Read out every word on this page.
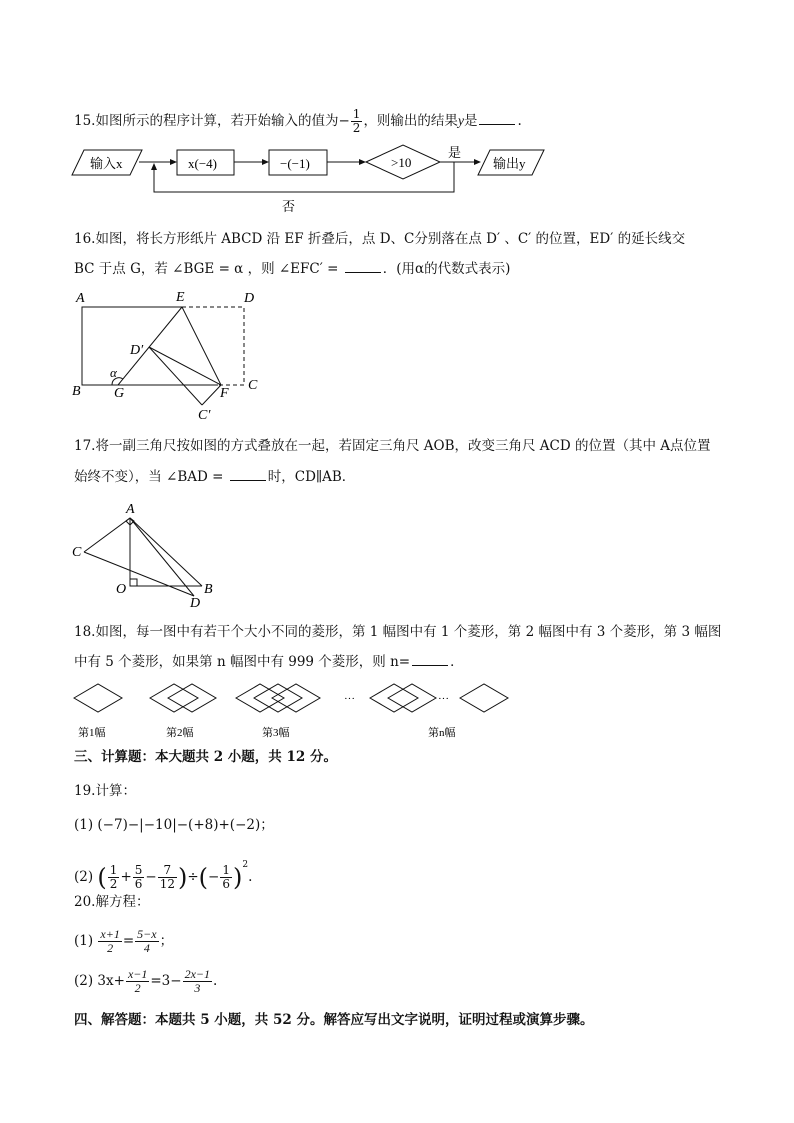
15.如图所示的程序计算，若开始输入的值为− $\frac{1}{2}$ ，则输出的结果y是	.
输入x	x(−4)	−(−1)	>10
是
输出y
否
16.如图，将长方形纸片 ABCD 沿 EF 折叠后，点 D、C分别落在点 D′ 、C′ 的位置，ED′ 的延长线交
BC 于点 G，若 ∠BGE = α ，则 ∠EFC′ =	．(用α的代数式表示)
A	E	D
D′
α
B G	F
C
C′
17.将一副三角尺按如图的方式叠放在一起，若固定三角尺 AOB，改变三角尺 ACD 的位置（其中 A点位置
始终不变），当 ∠BAD =	时，CD∥AB．
A
C
O	B
D
18.如图，每一图中有若干个大小不同的菱形，第 1 幅图中有 1 个菱形，第 2 幅图中有 3 个菱形，第 3 幅图
中有 5 个菱形，如果第 n 幅图中有 999 个菱形，则 n=	．
···	···
第1幅	第2幅	第3幅	第n幅
三、计算题：本大题共 2 小题，共 12 分。
19.计算：
(1) (−7)−|−10|−(+8)+(−2)；
(2) ( $\frac{1}{2} + \frac{5}{6} - \frac{7}{12}$ )÷(− $\frac{1}{6} )^2$.
20.解方程：
$(1) \frac{x+1}{2} = \frac{5-x}{4}$ ；
(2) $3x+ \frac{x-1}{2} =3- \frac{2x-1}{3}$ .
四、解答题：本题共 5 小题，共 52 分。解答应写出文字说明，证明过程或演算步骤。
